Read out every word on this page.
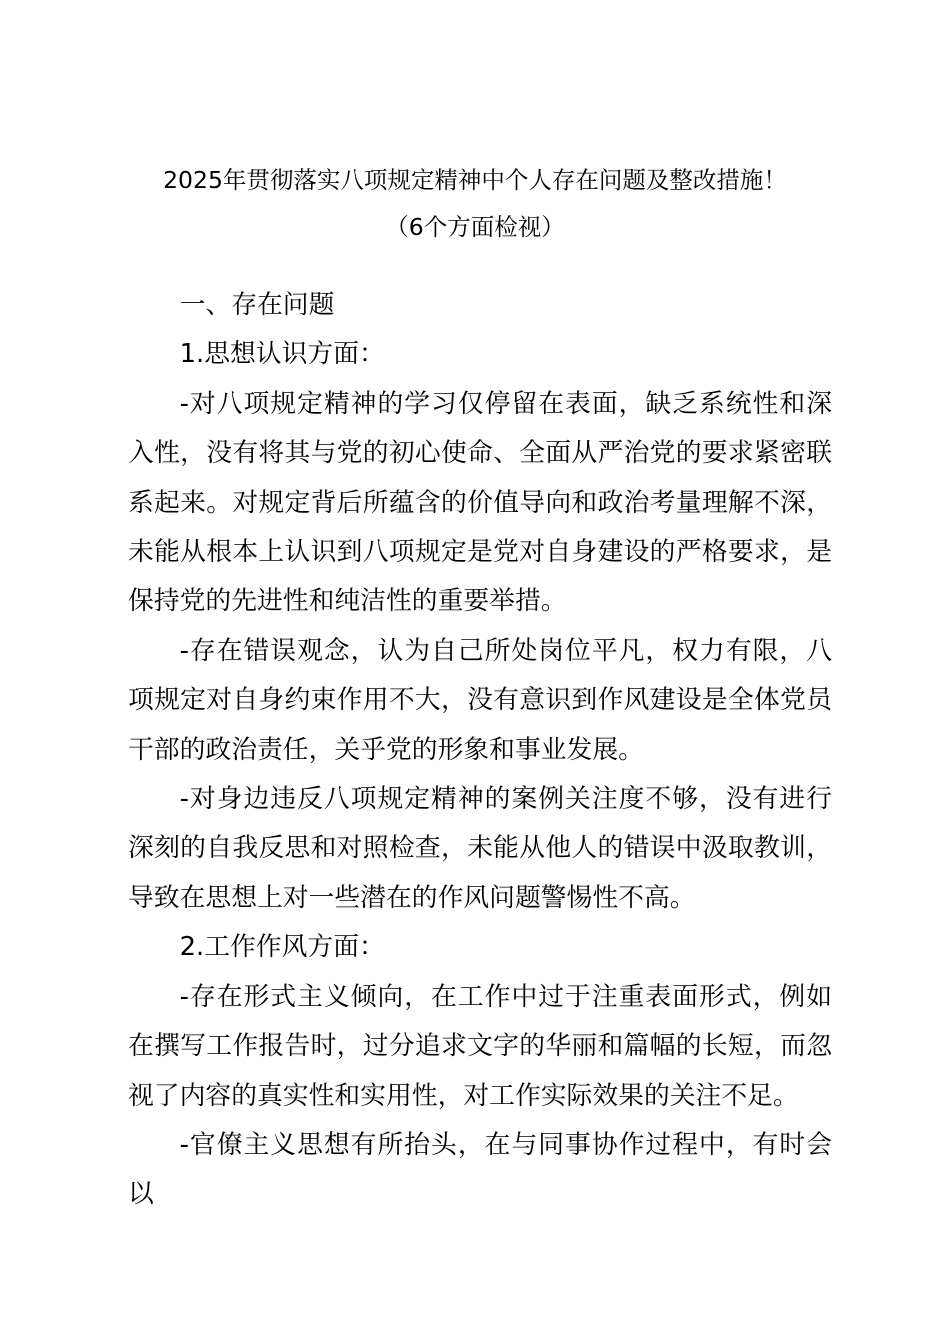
2025年贯彻落实八项规定精神中个人存在问题及整改措施！
（6个方面检视）

一、存在问题

1.思想认识方面：

-对八项规定精神的学习仅停留在表面，缺乏系统性和深入性，没有将其与党的初心使命、全面从严治党的要求紧密联系起来。对规定背后所蕴含的价值导向和政治考量理解不深，未能从根本上认识到八项规定是党对自身建设的严格要求，是保持党的先进性和纯洁性的重要举措。

-存在错误观念，认为自己所处岗位平凡，权力有限，八项规定对自身约束作用不大，没有意识到作风建设是全体党员干部的政治责任，关乎党的形象和事业发展。

-对身边违反八项规定精神的案例关注度不够，没有进行深刻的自我反思和对照检查，未能从他人的错误中汲取教训，导致在思想上对一些潜在的作风问题警惕性不高。

2.工作作风方面：

-存在形式主义倾向，在工作中过于注重表面形式，例如在撰写工作报告时，过分追求文字的华丽和篇幅的长短，而忽视了内容的真实性和实用性，对工作实际效果的关注不足。

-官僚主义思想有所抬头，在与同事协作过程中，有时会以
